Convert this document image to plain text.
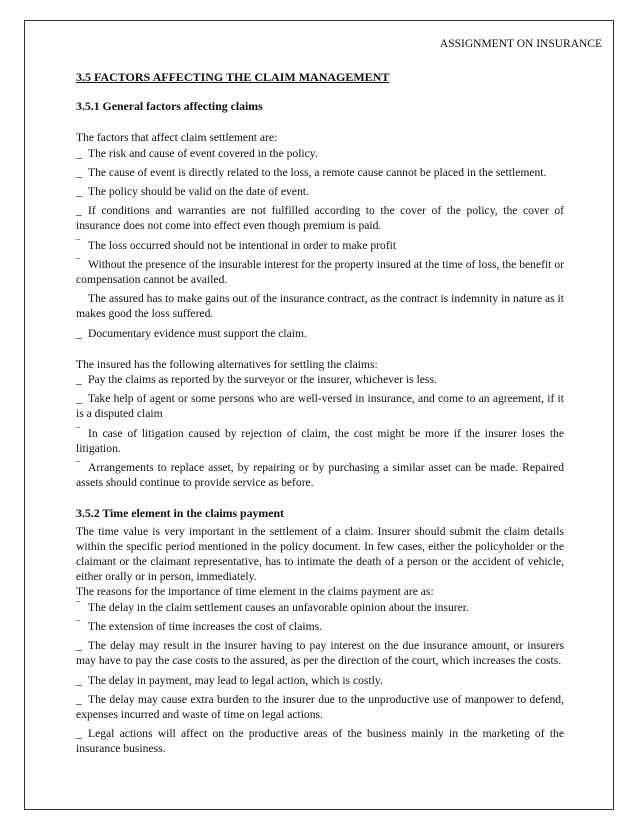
ASSIGNMENT ON INSURANCE
3.5 FACTORS AFFECTING THE CLAIM MANAGEMENT
3.5.1 General factors affecting claims

The factors that affect claim settlement are:

_ The risk and cause of event covered in the policy.

_ The cause of event is directly related to the loss, a remote cause cannot be placed in the settlement.

_ The policy should be valid on the date of event.

_ If conditions and warranties are not fulfilled according to the cover of the policy, the cover of insurance does not come into effect even though premium is paid.

‾ The loss occurred should not be intentional in order to make profit

‾ Without the presence of the insurable interest for the property insured at the time of loss, the benefit or compensation cannot be availed.

The assured has to make gains out of the insurance contract, as the contract is indemnity in nature as it makes good the loss suffered.

_ Documentary evidence must support the claim.

The insured has the following alternatives for settling the claims:

_ Pay the claims as reported by the surveyor or the insurer, whichever is less.

_ Take help of agent or some persons who are well-versed in insurance, and come to an agreement, if it is a disputed claim

‾ In case of litigation caused by rejection of claim, the cost might be more if the insurer loses the litigation.

‾ Arrangements to replace asset, by repairing or by purchasing a similar asset can be made. Repaired assets should continue to provide service as before.

3.5.2 Time element in the claims payment

The time value is very important in the settlement of a claim. Insurer should submit the claim details within the specific period mentioned in the policy document. In few cases, either the policyholder or the claimant or the claimant representative, has to intimate the death of a person or the accident of vehicle, either orally or in person, immediately.

The reasons for the importance of time element in the claims payment are as:

‾ The delay in the claim settlement causes an unfavorable opinion about the insurer.

‾ The extension of time increases the cost of claims.

_ The delay may result in the insurer having to pay interest on the due insurance amount, or insurers may have to pay the case costs to the assured, as per the direction of the court, which increases the costs.

_ The delay in payment, may lead to legal action, which is costly.

_ The delay may cause extra burden to the insurer due to the unproductive use of manpower to defend, expenses incurred and waste of time on legal actions.

_ Legal actions will affect on the productive areas of the business mainly in the marketing of the insurance business.
